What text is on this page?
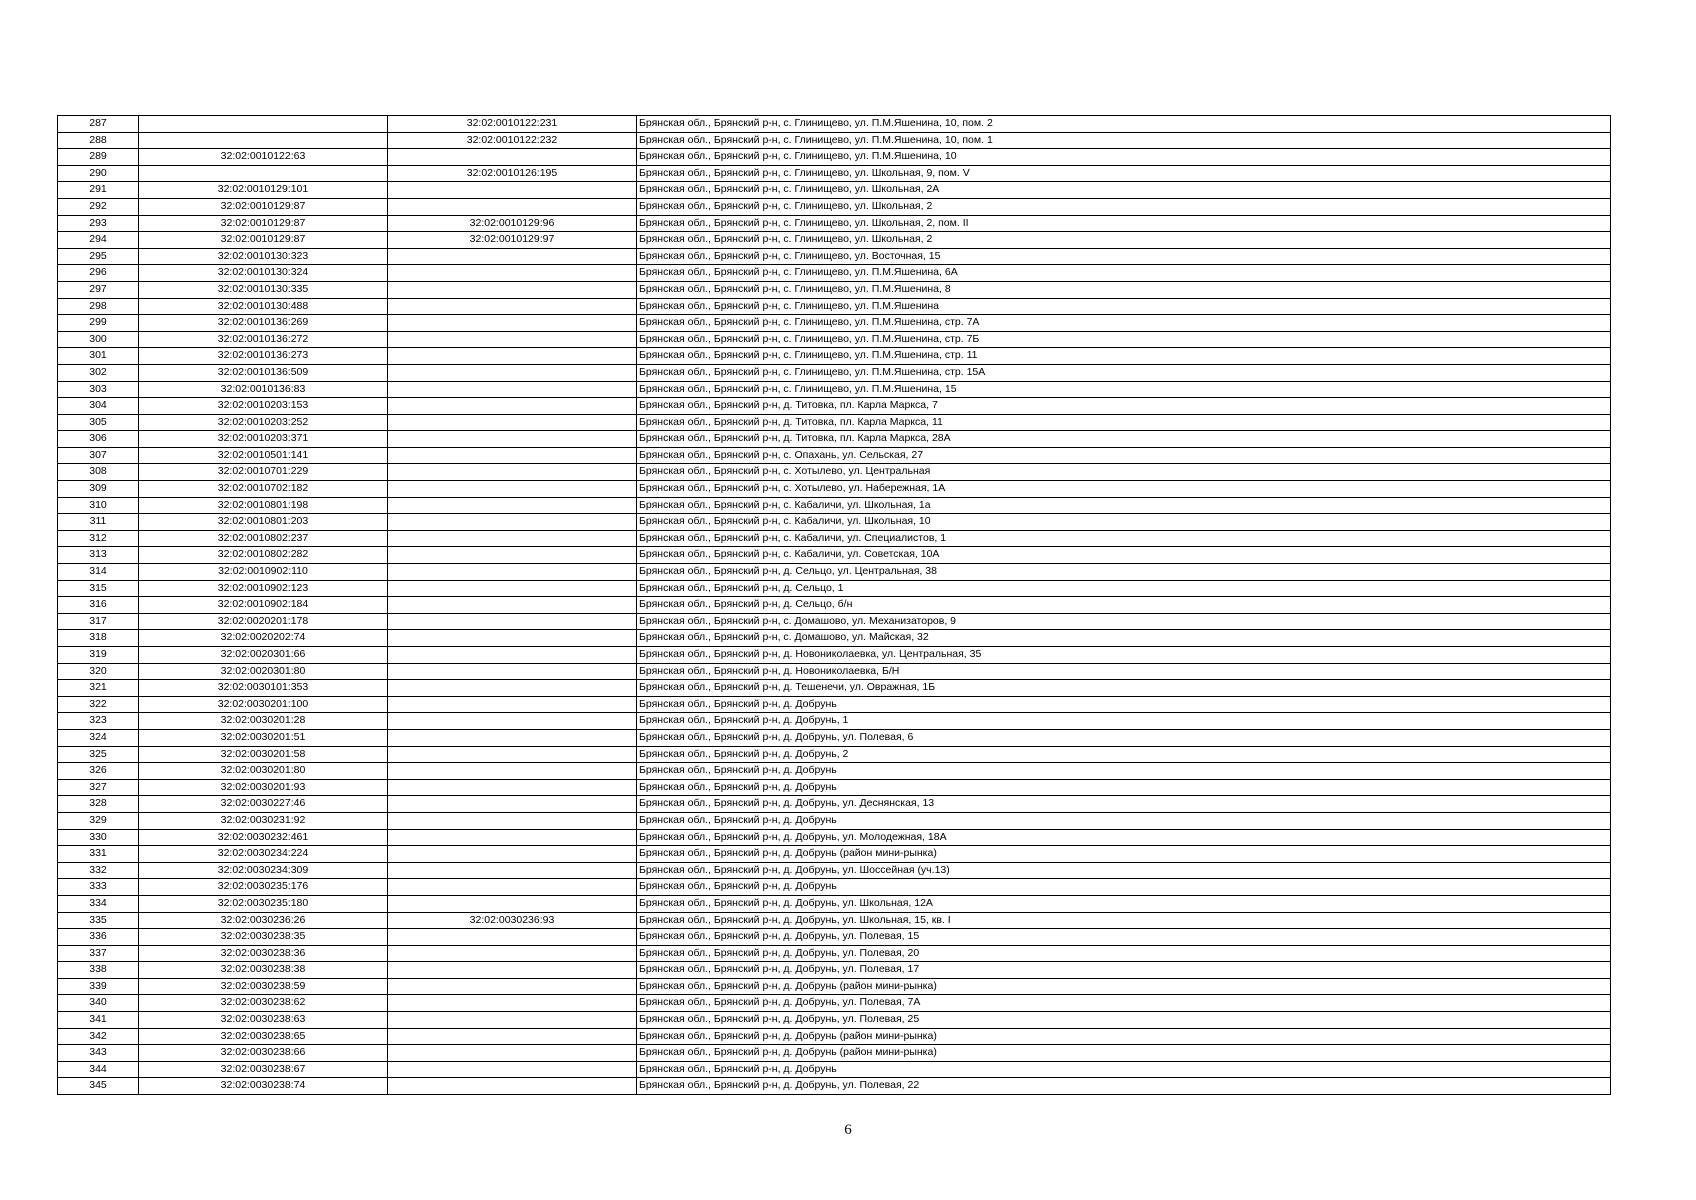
287		32:02:0010122:231	Брянская обл., Брянский р-н, с. Глинищево, ул. П.М.Яшенина, 10, пом. 2
288		32:02:0010122:232	Брянская обл., Брянский р-н, с. Глинищево, ул. П.М.Яшенина, 10, пом. 1
289	32:02:0010122:63		Брянская обл., Брянский р-н, с. Глинищево, ул. П.М.Яшенина, 10
290		32:02:0010126:195	Брянская обл., Брянский р-н, с. Глинищево, ул. Школьная, 9, пом. V
291	32:02:0010129:101		Брянская обл., Брянский р-н, с. Глинищево, ул. Школьная, 2А
292	32:02:0010129:87		Брянская обл., Брянский р-н, с. Глинищево, ул. Школьная, 2
293	32:02:0010129:87	32:02:0010129:96	Брянская обл., Брянский р-н, с. Глинищево, ул. Школьная, 2, пом. II
294	32:02:0010129:87	32:02:0010129:97	Брянская обл., Брянский р-н, с. Глинищево, ул. Школьная, 2
295	32:02:0010130:323		Брянская обл., Брянский р-н, с. Глинищево, ул. Восточная, 15
296	32:02:0010130:324		Брянская обл., Брянский р-н, с. Глинищево, ул. П.М.Яшенина, 6А
297	32:02:0010130:335		Брянская обл., Брянский р-н, с. Глинищево, ул. П.М.Яшенина, 8
298	32:02:0010130:488		Брянская обл., Брянский р-н, с. Глинищево, ул. П.М.Яшенина
299	32:02:0010136:269		Брянская обл., Брянский р-н, с. Глинищево, ул. П.М.Яшенина, стр. 7А
300	32:02:0010136:272		Брянская обл., Брянский р-н, с. Глинищево, ул. П.М.Яшенина, стр. 7Б
301	32:02:0010136:273		Брянская обл., Брянский р-н, с. Глинищево, ул. П.М.Яшенина, стр. 11
302	32:02:0010136:509		Брянская обл., Брянский р-н, с. Глинищево, ул. П.М.Яшенина, стр. 15А
303	32:02:0010136:83		Брянская обл., Брянский р-н, с. Глинищево, ул. П.М.Яшенина, 15
304	32:02:0010203:153		Брянская обл., Брянский р-н, д. Титовка, пл. Карла Маркса, 7
305	32:02:0010203:252		Брянская обл., Брянский р-н, д. Титовка, пл. Карла Маркса, 11
306	32:02:0010203:371		Брянская обл., Брянский р-н, д. Титовка, пл. Карла Маркса, 28А
307	32:02:0010501:141		Брянская обл., Брянский р-н, с. Опахань, ул. Сельская, 27
308	32:02:0010701:229		Брянская обл., Брянский р-н, с. Хотылево, ул. Центральная
309	32:02:0010702:182		Брянская обл., Брянский р-н, с. Хотылево, ул. Набережная, 1А
310	32:02:0010801:198		Брянская обл., Брянский р-н, с. Кабаличи, ул. Школьная, 1а
311	32:02:0010801:203		Брянская обл., Брянский р-н, с. Кабаличи, ул. Школьная, 10
312	32:02:0010802:237		Брянская обл., Брянский р-н, с. Кабаличи, ул. Специалистов, 1
313	32:02:0010802:282		Брянская обл., Брянский р-н, с. Кабаличи, ул. Советская, 10А
314	32:02:0010902:110		Брянская обл., Брянский р-н, д. Сельцо, ул. Центральная, 38
315	32:02:0010902:123		Брянская обл., Брянский р-н, д. Сельцо, 1
316	32:02:0010902:184		Брянская обл., Брянский р-н, д. Сельцо, б/н
317	32:02:0020201:178		Брянская обл., Брянский р-н, с. Домашово, ул. Механизаторов, 9
318	32:02:0020202:74		Брянская обл., Брянский р-н, с. Домашово, ул. Майская, 32
319	32:02:0020301:66		Брянская обл., Брянский р-н, д. Новониколаевка, ул. Центральная, 35
320	32:02:0020301:80		Брянская обл., Брянский р-н, д. Новониколаевка, Б/Н
321	32:02:0030101:353		Брянская обл., Брянский р-н, д. Тешенечи, ул. Овражная, 1Б
322	32:02:0030201:100		Брянская обл., Брянский р-н, д. Добрунь
323	32:02:0030201:28		Брянская обл., Брянский р-н, д. Добрунь, 1
324	32:02:0030201:51		Брянская обл., Брянский р-н, д. Добрунь, ул. Полевая, 6
325	32:02:0030201:58		Брянская обл., Брянский р-н, д. Добрунь, 2
326	32:02:0030201:80		Брянская обл., Брянский р-н, д. Добрунь
327	32:02:0030201:93		Брянская обл., Брянский р-н, д. Добрунь
328	32:02:0030227:46		Брянская обл., Брянский р-н, д. Добрунь, ул. Деснянская, 13
329	32:02:0030231:92		Брянская обл., Брянский р-н, д. Добрунь
330	32:02:0030232:461		Брянская обл., Брянский р-н, д. Добрунь, ул. Молодежная, 18А
331	32:02:0030234:224		Брянская обл., Брянский р-н, д. Добрунь (район мини-рынка)
332	32:02:0030234:309		Брянская обл., Брянский р-н, д. Добрунь, ул. Шоссейная (уч.13)
333	32:02:0030235:176		Брянская обл., Брянский р-н, д. Добрунь
334	32:02:0030235:180		Брянская обл., Брянский р-н, д. Добрунь, ул. Школьная, 12А
335	32:02:0030236:26	32:02:0030236:93	Брянская обл., Брянский р-н, д. Добрунь, ул. Школьная, 15, кв. I
336	32:02:0030238:35		Брянская обл., Брянский р-н, д. Добрунь, ул. Полевая, 15
337	32:02:0030238:36		Брянская обл., Брянский р-н, д. Добрунь, ул. Полевая, 20
338	32:02:0030238:38		Брянская обл., Брянский р-н, д. Добрунь, ул. Полевая, 17
339	32:02:0030238:59		Брянская обл., Брянский р-н, д. Добрунь (район мини-рынка)
340	32:02:0030238:62		Брянская обл., Брянский р-н, д. Добрунь, ул. Полевая, 7А
341	32:02:0030238:63		Брянская обл., Брянский р-н, д. Добрунь, ул. Полевая, 25
342	32:02:0030238:65		Брянская обл., Брянский р-н, д. Добрунь (район мини-рынка)
343	32:02:0030238:66		Брянская обл., Брянский р-н, д. Добрунь (район мини-рынка)
344	32:02:0030238:67		Брянская обл., Брянский р-н, д. Добрунь
345	32:02:0030238:74		Брянская обл., Брянский р-н, д. Добрунь, ул. Полевая, 22
6
